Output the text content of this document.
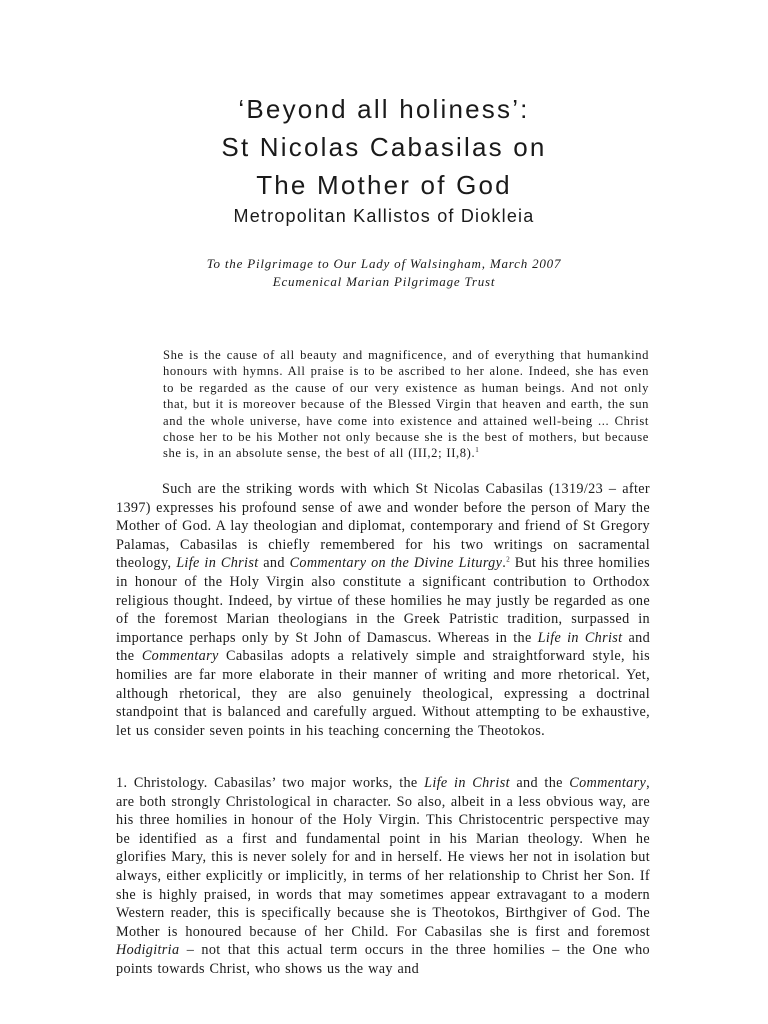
‘Beyond all holiness’:
St Nicolas Cabasilas on
The Mother of God
Metropolitan Kallistos of Diokleia
To the Pilgrimage to Our Lady of Walsingham, March 2007
Ecumenical Marian Pilgrimage Trust
She is the cause of all beauty and magnificence, and of everything that humankind honours with hymns. All praise is to be ascribed to her alone. Indeed, she has even to be regarded as the cause of our very existence as human beings. And not only that, but it is moreover because of the Blessed Virgin that heaven and earth, the sun and the whole universe, have come into existence and attained well-being ... Christ chose her to be his Mother not only because she is the best of mothers, but because she is, in an absolute sense, the best of all (III,2; II,8).$^1$
Such are the striking words with which St Nicolas Cabasilas (1319/23 – after 1397) expresses his profound sense of awe and wonder before the person of Mary the Mother of God. A lay theologian and diplomat, contemporary and friend of St Gregory Palamas, Cabasilas is chiefly remembered for his two writings on sacramental theology, Life in Christ and Commentary on the Divine Liturgy.$^2$ But his three homilies in honour of the Holy Virgin also constitute a significant contribution to Orthodox religious thought. Indeed, by virtue of these homilies he may justly be regarded as one of the foremost Marian theologians in the Greek Patristic tradition, surpassed in importance perhaps only by St John of Damascus. Whereas in the Life in Christ and the Commentary Cabasilas adopts a relatively simple and straightforward style, his homilies are far more elaborate in their manner of writing and more rhetorical. Yet, although rhetorical, they are also genuinely theological, expressing a doctrinal standpoint that is balanced and carefully argued. Without attempting to be exhaustive, let us consider seven points in his teaching concerning the Theotokos.
1. Christology. Cabasilas’ two major works, the Life in Christ and the Commentary, are both strongly Christological in character. So also, albeit in a less obvious way, are his three homilies in honour of the Holy Virgin. This Christocentric perspective may be identified as a first and fundamental point in his Marian theology. When he glorifies Mary, this is never solely for and in herself. He views her not in isolation but always, either explicitly or implicitly, in terms of her relationship to Christ her Son. If she is highly praised, in words that may sometimes appear extravagant to a modern Western reader, this is specifically because she is Theotokos, Birthgiver of God. The Mother is honoured because of her Child. For Cabasilas she is first and foremost Hodigitria – not that this actual term occurs in the three homilies – the One who points towards Christ, who shows us the way and
